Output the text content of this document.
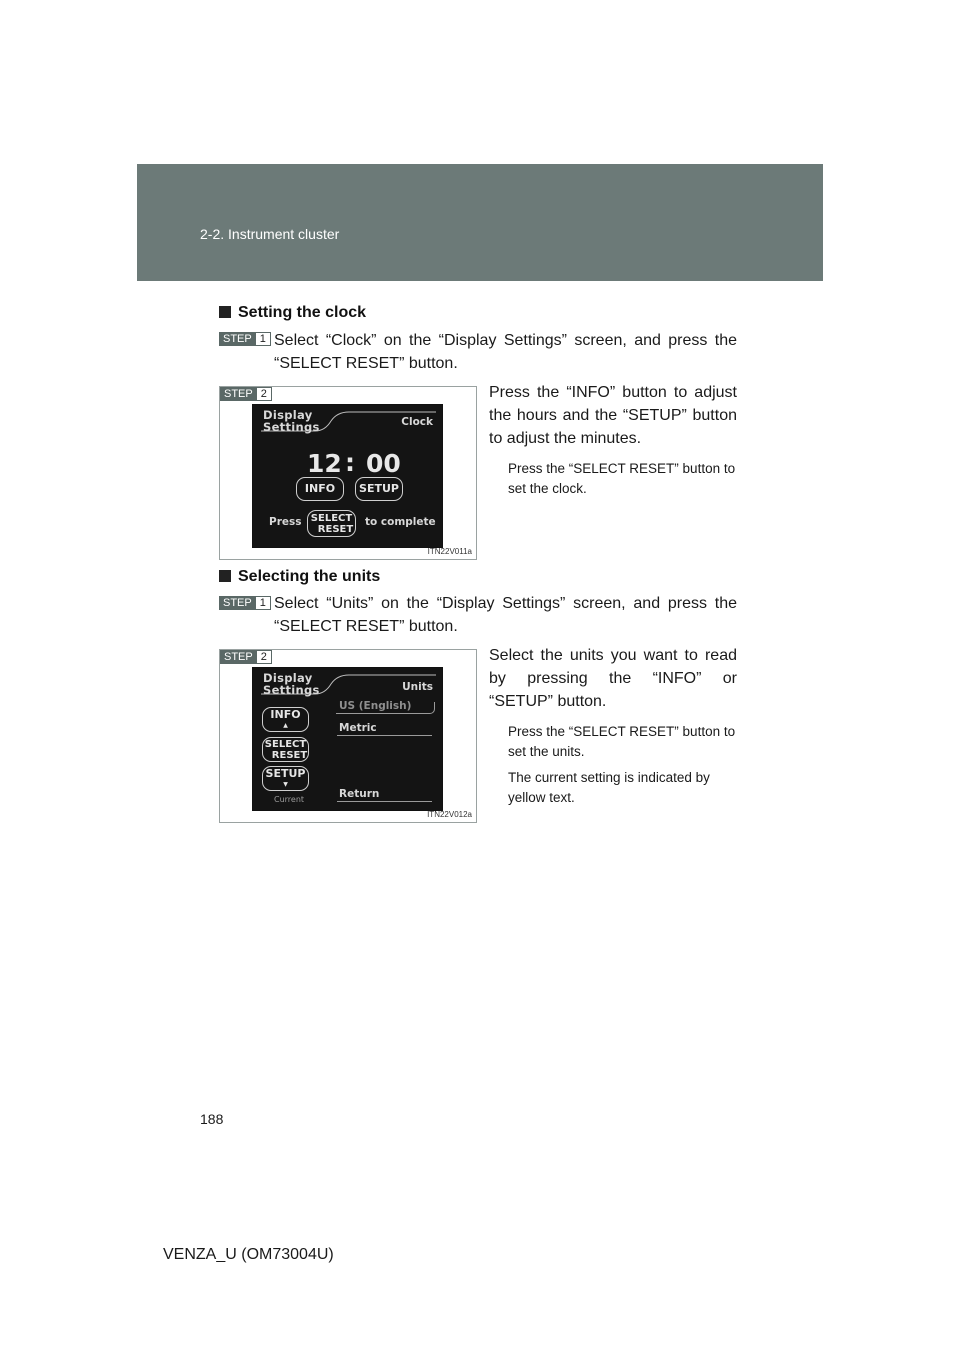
2-2. Instrument cluster
Setting the clock
STEP 1 Select “Clock” on the “Display Settings” screen, and press the “SELECT RESET” button.
STEP 2
Display
Settings	Clock
12 : 00
INFO	SETUP
Press SELECT
RESET
to complete
ITN22V011a
Press the “INFO” button to adjust the hours and the “SETUP” button to adjust the minutes.
Press the “SELECT RESET” button to set the clock.
Selecting the units
STEP 1 Select “Units” on the “Display Settings” screen, and press the “SELECT RESET” button.
STEP 2
Display
Settings	Units
INFO
▲
SELECT
RESET
SETUP
▼
Current
US (English)
Metric
Return
ITN22V012a
Select the units you want to read by pressing the “INFO” or “SETUP” button.
Press the “SELECT RESET” button to set the units.
The current setting is indicated by yellow text.
188
VENZA_U (OM73004U)
